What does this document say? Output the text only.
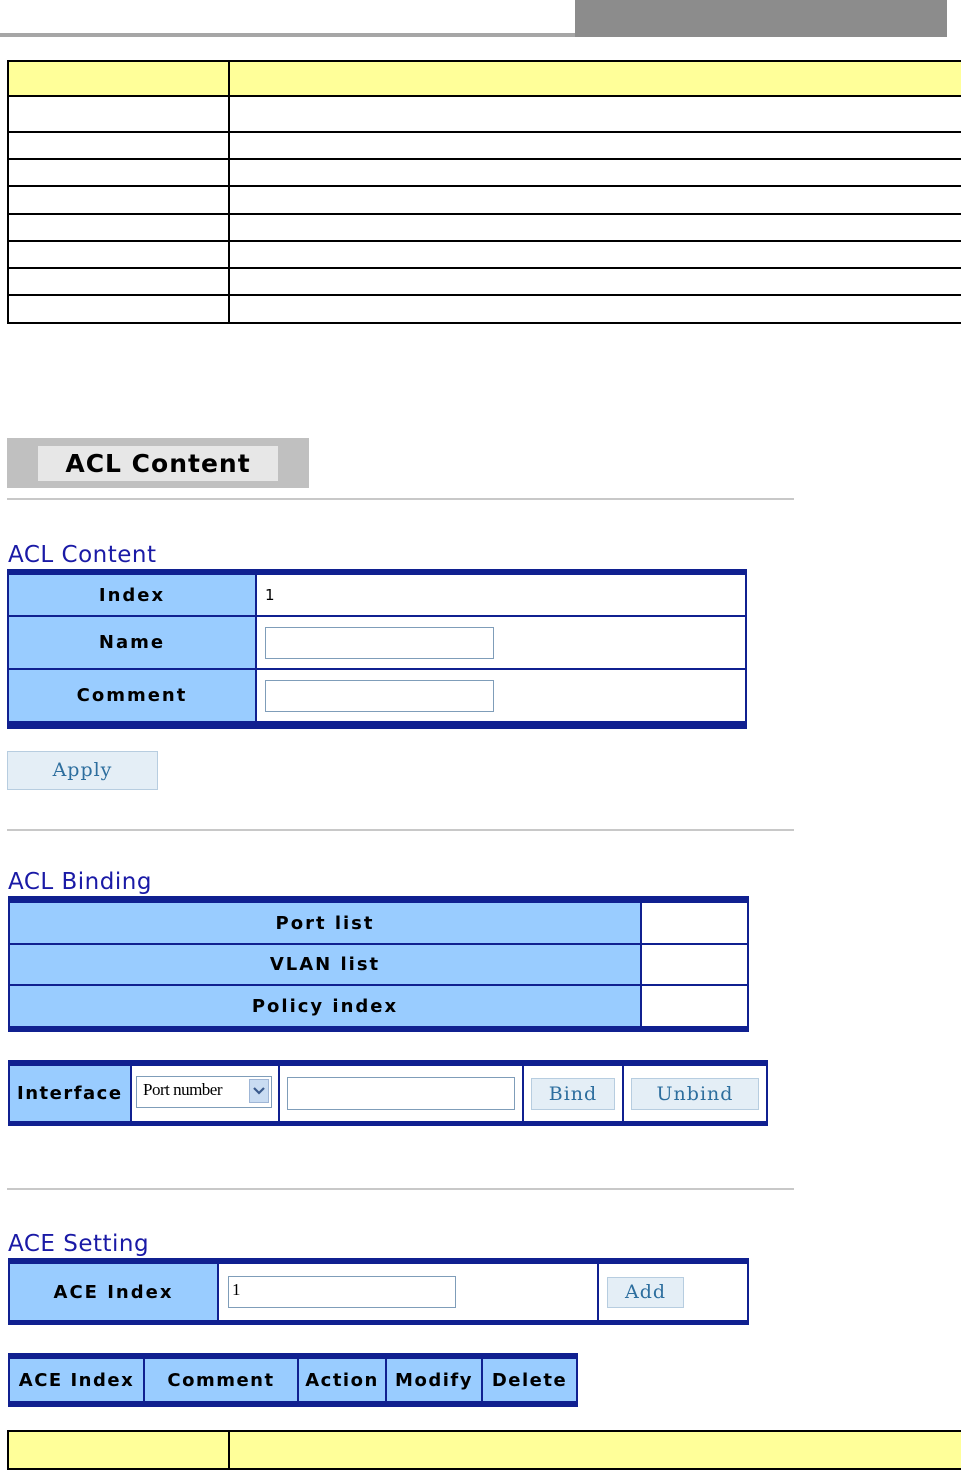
ACL Content
ACL Content
Index	1
Name	
Comment	
Apply
ACL Binding
Port list	
VLAN list	
Policy index	
Interface	Port number		Bind	Unbind
ACE Setting
ACE Index	1	Add
ACE Index	Comment	Action	Modify	Delete
